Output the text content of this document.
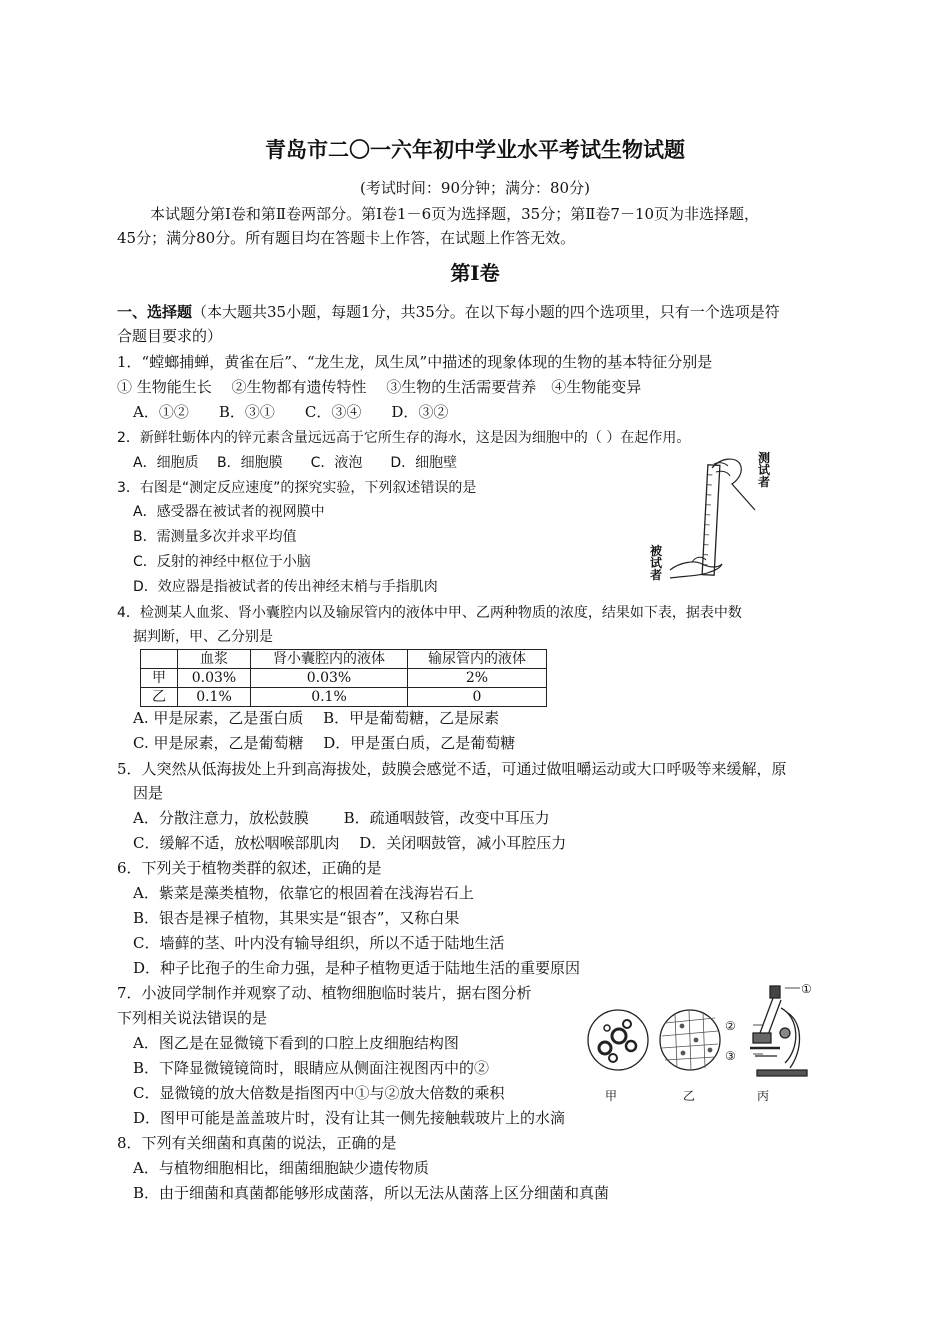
青岛市二〇一六年初中学业水平考试生物试题
(考试时间：90分钟；满分：80分)
本试题分第Ⅰ卷和第Ⅱ卷两部分。第Ⅰ卷1－6页为选择题，35分；第Ⅱ卷7－10页为非选择题，
45分；满分80分。所有题目均在答题卡上作答，在试题上作答无效。
第Ⅰ卷
一、选择题（本大题共35小题，每题1分，共35分。在以下每小题的四个选项里，只有一个选项是符
合题目要求的）
1．“螳螂捕蝉，黄雀在后”、“龙生龙，凤生凤”中描述的现象体现的生物的基本特征分别是
① 生物能生长　 ②生物都有遗传特性　 ③生物的生活需要营养　④生物能变异
A．①②　　B．③①　　C．③④　　D．③②
2．新鲜牡蛎体内的锌元素含量远远高于它所生存的海水，这是因为细胞中的（ ）在起作用。
A．细胞质　 B．细胞膜　　C．液泡　　D．细胞壁
3．右图是“测定反应速度”的探究实验，下列叙述错误的是
A．感受器在被试者的视网膜中
B．需测量多次并求平均值
C．反射的神经中枢位于小脑
D．效应器是指被试者的传出神经末梢与手指肌肉
测试者
被试者
4．检测某人血浆、肾小囊腔内以及输尿管内的液体中甲、乙两种物质的浓度，结果如下表，据表中数
据判断，甲、乙分别是
	血浆	肾小囊腔内的液体	输尿管内的液体
甲	0.03%	0.03%	2%
乙	0.1%	0.1%	0
A. 甲是尿素，乙是蛋白质　 B．甲是葡萄糖，乙是尿素
C. 甲是尿素，乙是葡萄糖　 D．甲是蛋白质，乙是葡萄糖
5．人突然从低海拔处上升到高海拔处，鼓膜会感觉不适，可通过做咀嚼运动或大口呼吸等来缓解，原
因是
A．分散注意力，放松鼓膜　　 B．疏通咽鼓管，改变中耳压力
C．缓解不适，放松咽喉部肌肉　 D．关闭咽鼓管，减小耳腔压力
6．下列关于植物类群的叙述，正确的是
A．紫菜是藻类植物，依靠它的根固着在浅海岩石上
B．银杏是裸子植物，其果实是“银杏”，又称白果
C．墙藓的茎、叶内没有输导组织，所以不适于陆地生活
D．种子比孢子的生命力强，是种子植物更适于陆地生活的重要原因
7．小波同学制作并观察了动、植物细胞临时装片，据右图分析
下列相关说法错误的是
A．图乙是在显微镜下看到的口腔上皮细胞结构图
B．下降显微镜镜筒时，眼睛应从侧面注视图丙中的②
C．显微镜的放大倍数是指图丙中①与②放大倍数的乘积
D．图甲可能是盖盖玻片时，没有让其一侧先接触载玻片上的水滴
甲	乙	丙
①
②
③
8．下列有关细菌和真菌的说法，正确的是
A．与植物细胞相比，细菌细胞缺少遗传物质
B．由于细菌和真菌都能够形成菌落，所以无法从菌落上区分细菌和真菌
